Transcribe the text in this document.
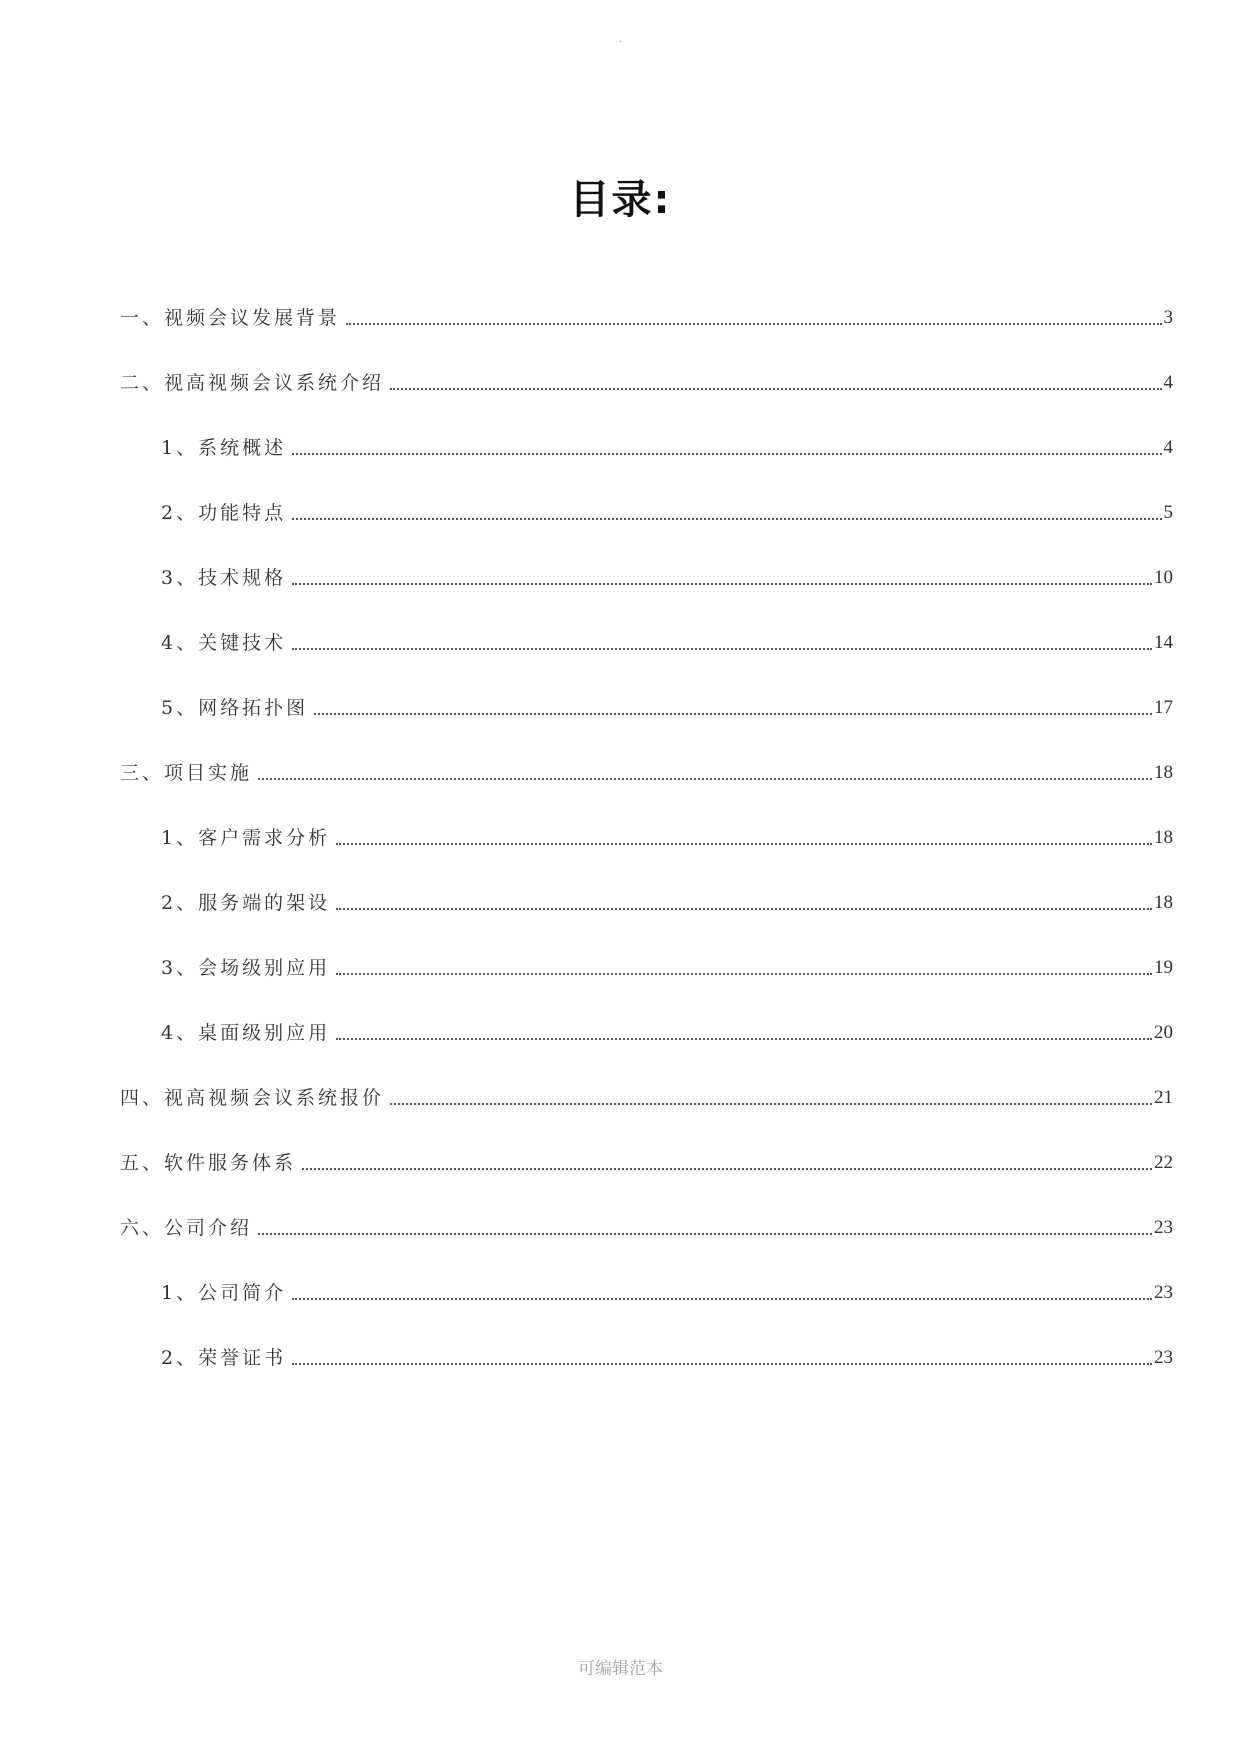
.
目录:
一、视频会议发展背景	3
二、视高视频会议系统介绍	4
1、系统概述	4
2、功能特点	5
3、技术规格	10
4、关键技术	14
5、网络拓扑图	17
三、项目实施	18
1、客户需求分析	18
2、服务端的架设	18
3、会场级别应用	19
4、桌面级别应用	20
四、视高视频会议系统报价	21
五、软件服务体系	22
六、公司介绍	23
1、公司简介	23
2、荣誉证书	23
可编辑范本
